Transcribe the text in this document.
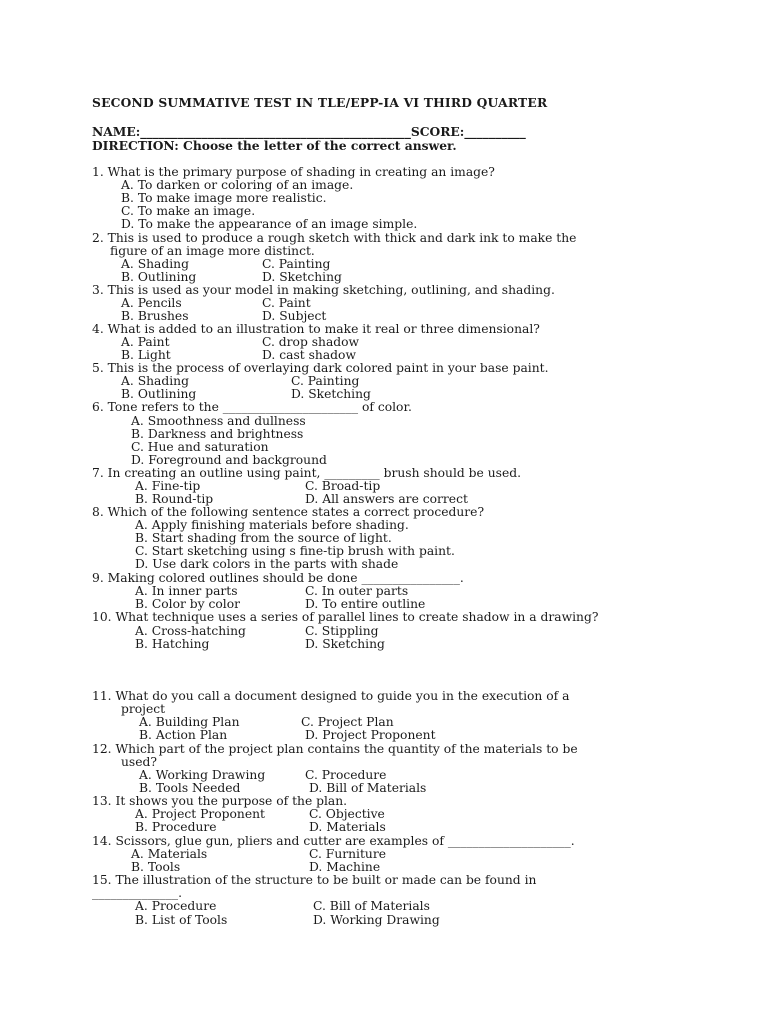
SECOND SUMMATIVE TEST IN TLE/EPP-IA VI THIRD QUARTER
NAME:____________________________________________SCORE:__________
DIRECTION: Choose the letter of the correct answer.
1. What is the primary purpose of shading in creating an image?
A. To darken or coloring of an image.
B. To make image more realistic.
C. To make an image.
D. To make the appearance of an image simple.
2. This is used to produce a rough sketch with thick and dark ink to make the
figure of an image more distinct.
A. Shading	C. Painting
B. Outlining	D. Sketching
3. This is used as your model in making sketching, outlining, and shading.
A. Pencils	C. Paint
B. Brushes	D. Subject
4. What is added to an illustration to make it real or three dimensional?
A. Paint	C. drop shadow
B. Light	D. cast shadow
5. This is the process of overlaying dark colored paint in your base paint.
A. Shading	C. Painting
B. Outlining	D. Sketching
6. Tone refers to the ______________________ of color.
A. Smoothness and dullness
B. Darkness and brightness
C. Hue and saturation
D. Foreground and background
7. In creating an outline using paint, _________ brush should be used.
A. Fine-tip	C. Broad-tip
B. Round-tip	D. All answers are correct
8. Which of the following sentence states a correct procedure?
A. Apply finishing materials before shading.
B. Start shading from the source of light.
C. Start sketching using s fine-tip brush with paint.
D. Use dark colors in the parts with shade
9. Making colored outlines should be done ________________.
A. In inner parts	C. In outer parts
B. Color by color	D. To entire outline
10. What technique uses a series of parallel lines to create shadow in a drawing?
A. Cross-hatching	C. Stippling
B. Hatching	D. Sketching
11. What do you call a document designed to guide you in the execution of a
project
A. Building Plan	C. Project Plan
B. Action Plan	D. Project Proponent
12. Which part of the project plan contains the quantity of the materials to be
used?
A. Working Drawing	C. Procedure
B. Tools Needed	D. Bill of Materials
13. It shows you the purpose of the plan.
A. Project Proponent	C. Objective
B. Procedure	D. Materials
14. Scissors, glue gun, pliers and cutter are examples of ____________________.
A. Materials	C. Furniture
B. Tools	D. Machine
15. The illustration of the structure to be built or made can be found in
______________.
A. Procedure	C. Bill of Materials
B. List of Tools	D. Working Drawing
